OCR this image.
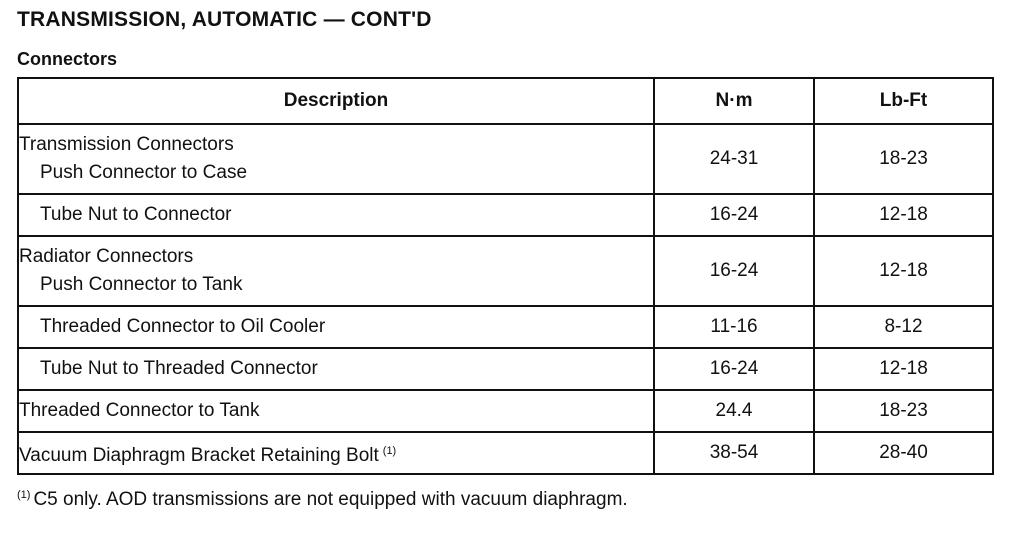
TRANSMISSION, AUTOMATIC — CONT'D
Connectors
Description	N·m	Lb-Ft

Transmission Connectors
Push Connector to Case	24-31	18-23
Tube Nut to Connector	16-24	12-18

Radiator Connectors
Push Connector to Tank	16-24	12-18
Threaded Connector to Oil Cooler	11-16	8-12
Tube Nut to Threaded Connector	16-24	12-18
Threaded Connector to Tank	24.4	18-23
Vacuum Diaphragm Bracket Retaining Bolt $^{(1)}$	38-54	28-40
$^{(1)}$ C5 only. AOD transmissions are not equipped with vacuum diaphragm.
